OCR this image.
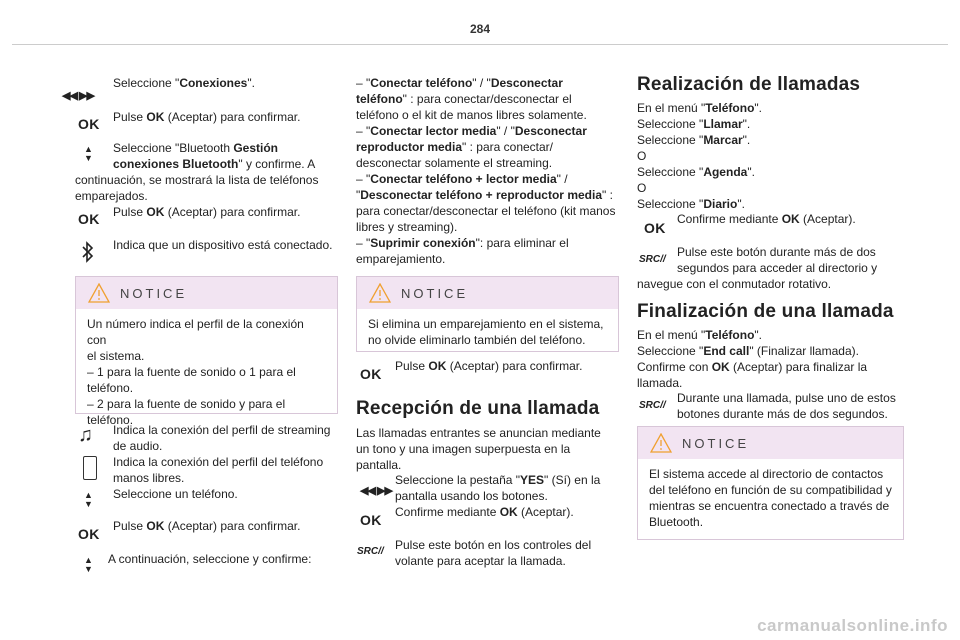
284
◀◀ ▶▶
Seleccione "Conexiones".
OK Pulse OK (Aceptar) para confirmar.
▲
▼
Seleccione "Bluetooth Gestión
conexiones Bluetooth" y confirme. A
continuación, se mostrará la lista de teléfonos
emparejados.
OK Pulse OK (Aceptar) para confirmar.
Indica que un dispositivo está conectado.
NOTICE
Un número indica el perfil de la conexión con
el sistema.
– 1 para la fuente de sonido o 1 para el
teléfono.
– 2 para la fuente de sonido y para el
teléfono.
♫ Indica la conexión del perfil de streaming
de audio.
Indica la conexión del perfil del teléfono
manos libres.
▲
▼
Seleccione un teléfono.
OK Pulse OK (Aceptar) para confirmar.
▲
▼
A continuación, seleccione y confirme:
– "Conectar teléfono" / "Desconectar
teléfono" : para conectar/desconectar el
teléfono o el kit de manos libres solamente.
– "Conectar lector media" / "Desconectar
reproductor media" : para conectar/
desconectar solamente el streaming.
– "Conectar teléfono + lector media" /
"Desconectar teléfono + reproductor media" :
para conectar/desconectar el teléfono (kit manos
libres y streaming).
– "Suprimir conexión": para eliminar el
emparejamiento.
NOTICE
Si elimina un emparejamiento en el sistema,
no olvide eliminarlo también del teléfono.
OK Pulse OK (Aceptar) para confirmar.
Recepción de una llamada
Las llamadas entrantes se anuncian mediante
un tono y una imagen superpuesta en la
pantalla.
◀◀ ▶▶
Seleccione la pestaña "YES" (Sí) en la
pantalla usando los botones.
OK Confirme mediante OK (Aceptar).
SRC / / Pulse este botón en los controles del
volante para aceptar la llamada.
Realización de llamadas
En el menú "Teléfono".
Seleccione "Llamar".
Seleccione "Marcar".
O
Seleccione "Agenda".
O
Seleccione "Diario".
OK
Confirme mediante OK (Aceptar).
SRC / /
Pulse este botón durante más de dos
segundos para acceder al directorio y
navegue con el conmutador rotativo.
Finalización de una llamada
En el menú "Teléfono".
Seleccione "End call" (Finalizar llamada).
Confirme con OK (Aceptar) para finalizar la
llamada.
SRC / /
Durante una llamada, pulse uno de estos
botones durante más de dos segundos.
NOTICE
El sistema accede al directorio de contactos
del teléfono en función de su compatibilidad y
mientras se encuentra conectado a través de
Bluetooth.
carmanualsonline.info
